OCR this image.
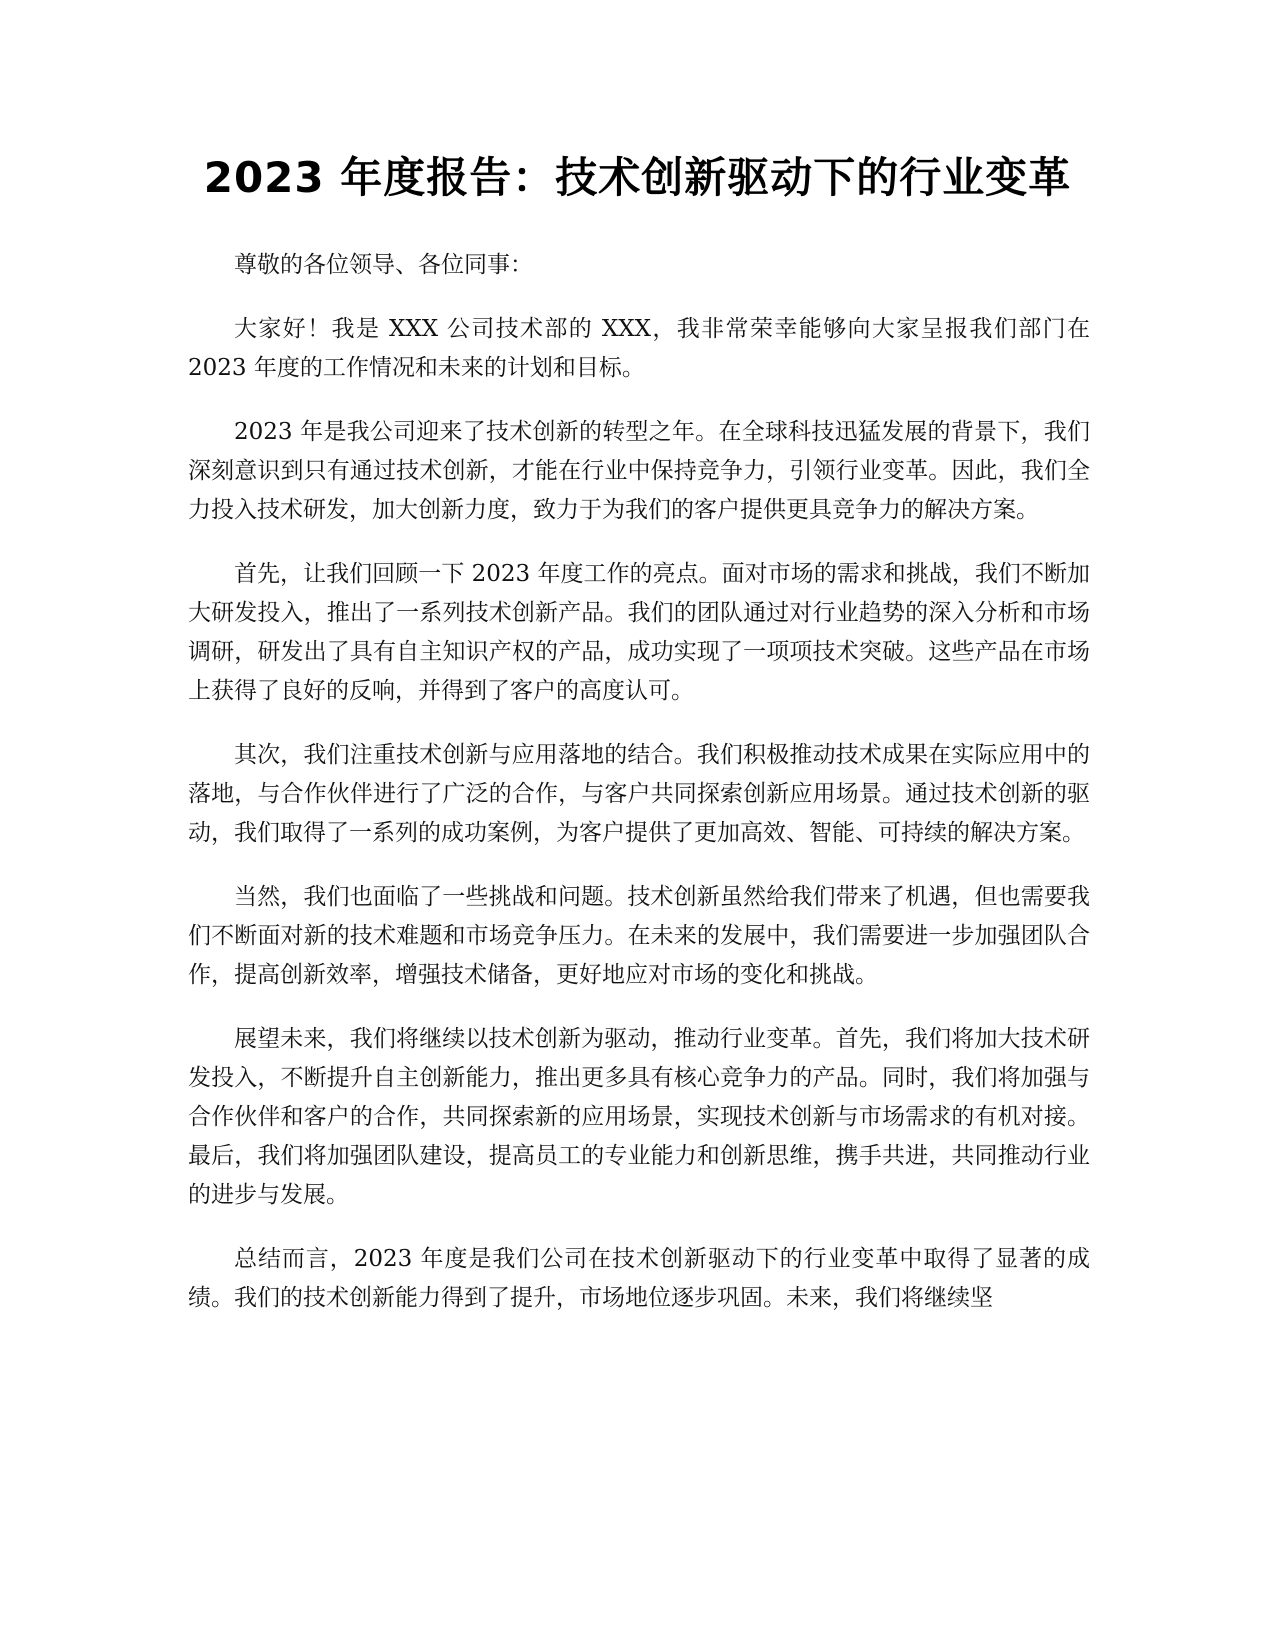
2023 年度报告：技术创新驱动下的行业变革

尊敬的各位领导、各位同事：

大家好！我是 XXX 公司技术部的 XXX，我非常荣幸能够向大家呈报我们部门在 2023 年度的工作情况和未来的计划和目标。

2023 年是我公司迎来了技术创新的转型之年。在全球科技迅猛发展的背景下，我们深刻意识到只有通过技术创新，才能在行业中保持竞争力，引领行业变革。因此，我们全力投入技术研发，加大创新力度，致力于为我们的客户提供更具竞争力的解决方案。

首先，让我们回顾一下 2023 年度工作的亮点。面对市场的需求和挑战，我们不断加大研发投入，推出了一系列技术创新产品。我们的团队通过对行业趋势的深入分析和市场调研，研发出了具有自主知识产权的产品，成功实现了一项项技术突破。这些产品在市场上获得了良好的反响，并得到了客户的高度认可。

其次，我们注重技术创新与应用落地的结合。我们积极推动技术成果在实际应用中的落地，与合作伙伴进行了广泛的合作，与客户共同探索创新应用场景。通过技术创新的驱动，我们取得了一系列的成功案例，为客户提供了更加高效、智能、可持续的解决方案。

当然，我们也面临了一些挑战和问题。技术创新虽然给我们带来了机遇，但也需要我们不断面对新的技术难题和市场竞争压力。在未来的发展中，我们需要进一步加强团队合作，提高创新效率，增强技术储备，更好地应对市场的变化和挑战。

展望未来，我们将继续以技术创新为驱动，推动行业变革。首先，我们将加大技术研发投入，不断提升自主创新能力，推出更多具有核心竞争力的产品。同时，我们将加强与合作伙伴和客户的合作，共同探索新的应用场景，实现技术创新与市场需求的有机对接。最后，我们将加强团队建设，提高员工的专业能力和创新思维，携手共进，共同推动行业的进步与发展。

总结而言，2023 年度是我们公司在技术创新驱动下的行业变革中取得了显著的成绩。我们的技术创新能力得到了提升，市场地位逐步巩固。未来，我们将继续坚
